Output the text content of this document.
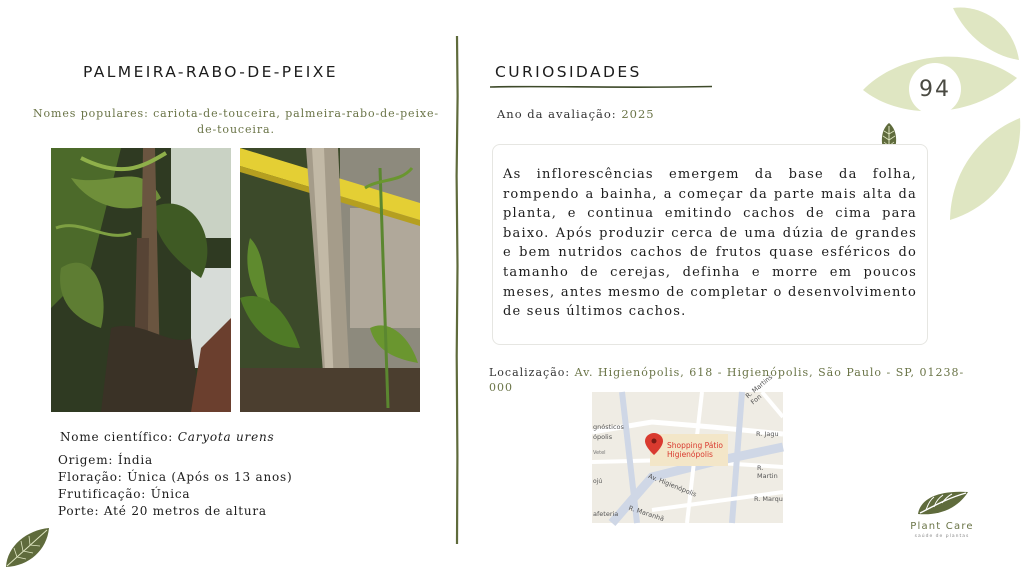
94
PALMEIRA-RABO-DE-PEIXE
Nomes populares: cariota-de-touceira, palmeira-rabo-de-peixe-de-touceira.
Nome científico: Caryota urens
Origem: Índia
Floração: Única (Após os 13 anos)
Frutificação: Única
Porte: Até 20 metros de altura
CURIOSIDADES
Ano da avaliação: 2025

As inflorescências emergem da base da folha, rompendo a bainha, a começar da parte mais alta da planta, e continua emitindo cachos de cima para baixo. Após produzir cerca de uma dúzia de grandes e bem nutridos cachos de frutos quase esféricos do tamanho de cerejas, definha e morre em poucos meses, antes mesmo de completar o desenvolvimento de seus últimos cachos.

Localização: Av. Higienópolis, 618 - Higienópolis, São Paulo - SP, 01238-000
Shopping Pátio
Higienópolis
R. Martins Fon
R. Jagu
R. Martin
Av. Higienópolis
R. Marqu
R. Maranhã
gnósticos
ópolis
Vetel
ojú
afeteria
Plant Care
saúde de plantas
